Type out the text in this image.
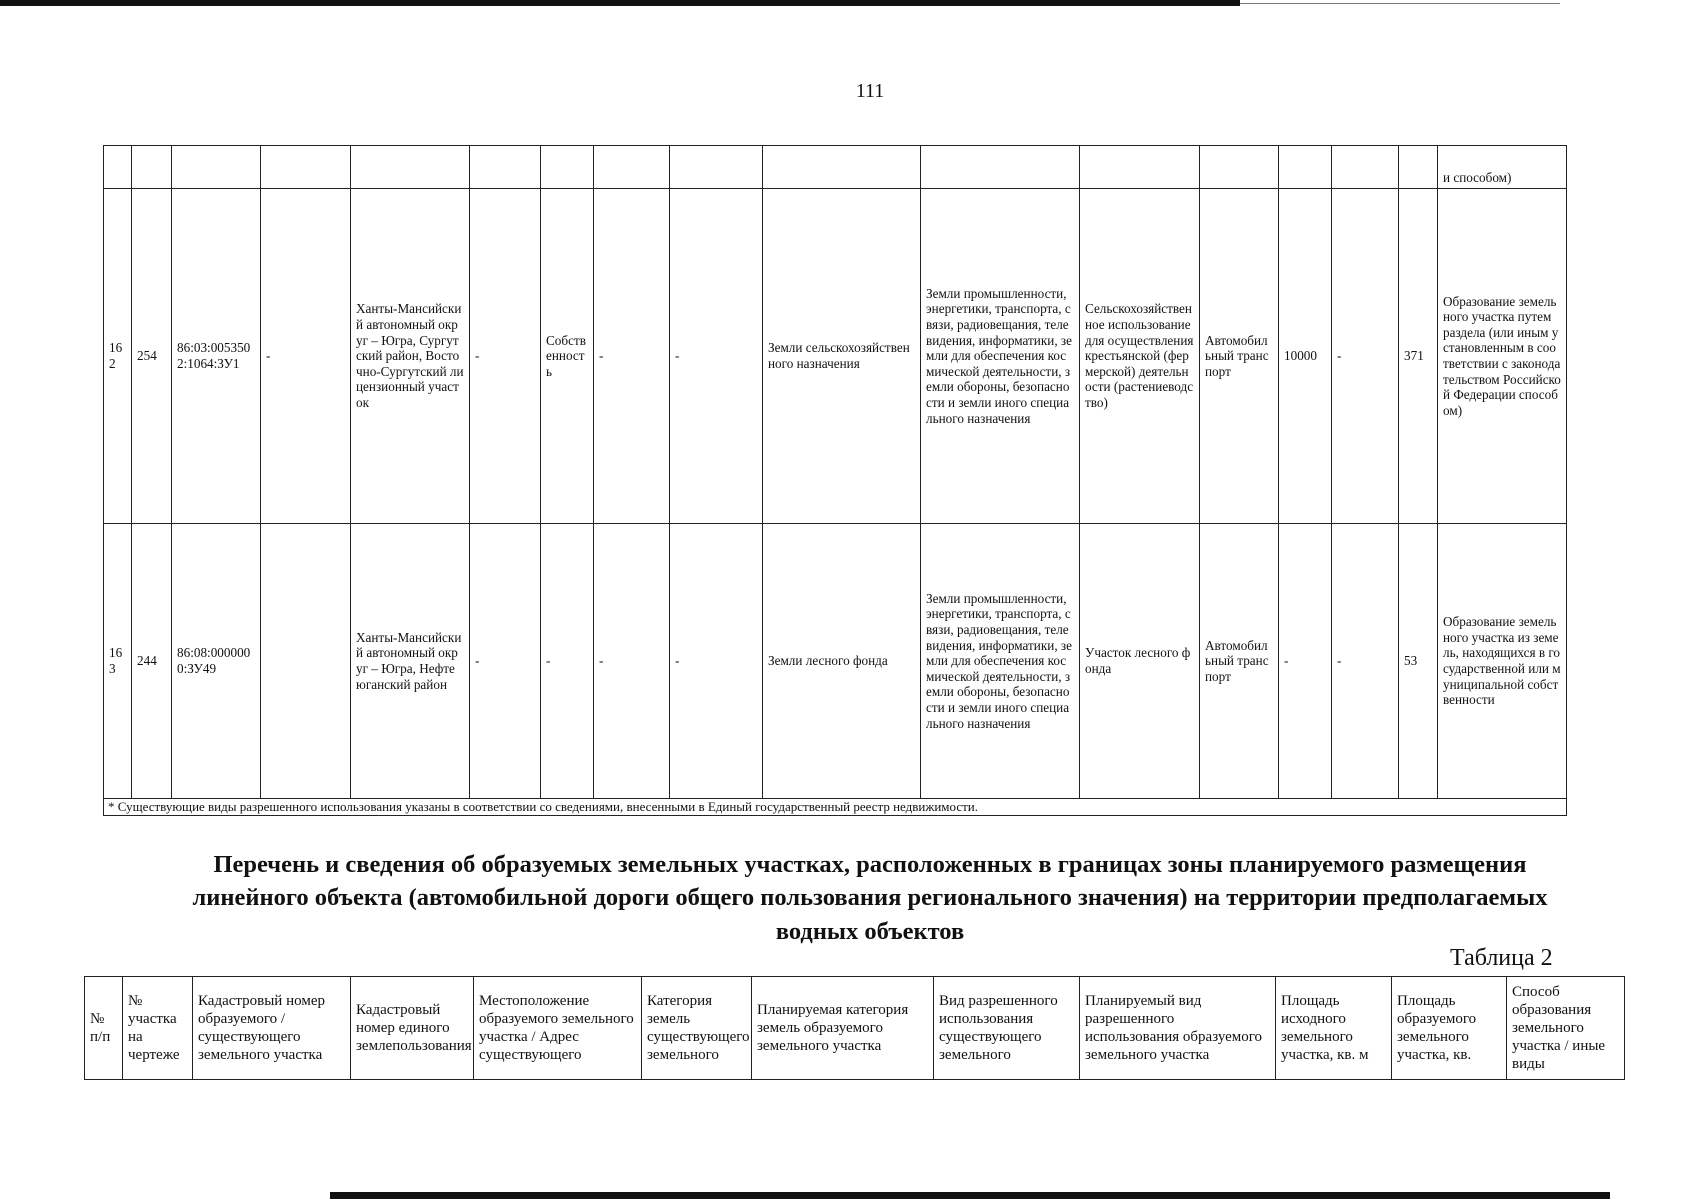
111
																и способом)
162	254	86:03:0053502:1064:ЗУ1	-	Ханты-Мансийский автономный округ – Югра, Сургутский район, Восточно-Сургутский лицензионный участок	-	Собственность	-	-	Земли сельскохозяйственного назначения	Земли промышленности, энергетики, транспорта, связи, радиовещания, телевидения, информатики, земли для обеспечения космической деятельности, земли обороны, безопасности и земли иного специального назначения	Сельскохозяйственное использование для осуществления крестьянской (фермерской) деятельности (растениеводство)	Автомобильный транспорт	10000	-	371	Образование земельного участка путем раздела (или иным установленным в соответствии с законодательством Российской Федерации способом)
163	244	86:08:0000000:ЗУ49		Ханты-Мансийский автономный округ – Югра, Нефтеюганский район	-	-	-	-	Земли лесного фонда	Земли промышленности, энергетики, транспорта, связи, радиовещания, телевидения, информатики, земли для обеспечения космической деятельности, земли обороны, безопасности и земли иного специального назначения	Участок лесного фонда	Автомобильный транспорт	-	-	53	Образование земельного участка из земель, находящихся в государственной или муниципальной собственности
* Существующие виды разрешенного использования указаны в соответствии со сведениями, внесенными в Единый государственный реестр недвижимости.																
Перечень и сведения об образуемых земельных участках, расположенных в границах зоны планируемого размещения линейного объекта (автомобильной дороги общего пользования регионального значения) на территории предполагаемых водных объектов
Таблица 2
№ п/п	№ участка на чертеже	Кадастровый номер образуемого / существующего земельного участка	Кадастровый номер единого землепользования	Местоположение образуемого земельного участка / Адрес существующего	Категория земель существующего земельного	Планируемая категория земель образуемого земельного участка	Вид разрешенного использования существующего земельного	Планируемый вид разрешенного использования образуемого земельного участка	Площадь исходного земельного участка, кв. м	Площадь образуемого земельного участка, кв.	Способ образования земельного участка / иные виды
